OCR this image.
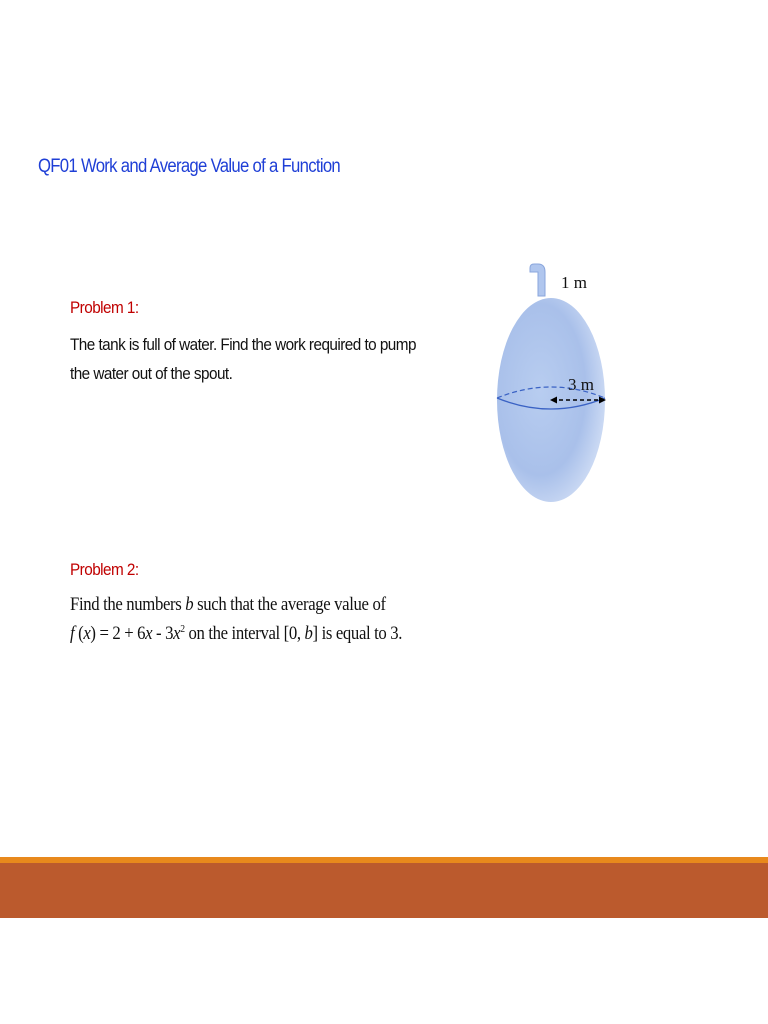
QF01 Work and Average Value of a Function
Problem 1:
The tank is full of water. Find the work required to pump
the water out of the spout.
1 m
3 m
Problem 2:
Find the numbers b such that the average value of
f $(x) = 2 + 6x - 3x^2$ on the interval [0, b] is equal to 3.
